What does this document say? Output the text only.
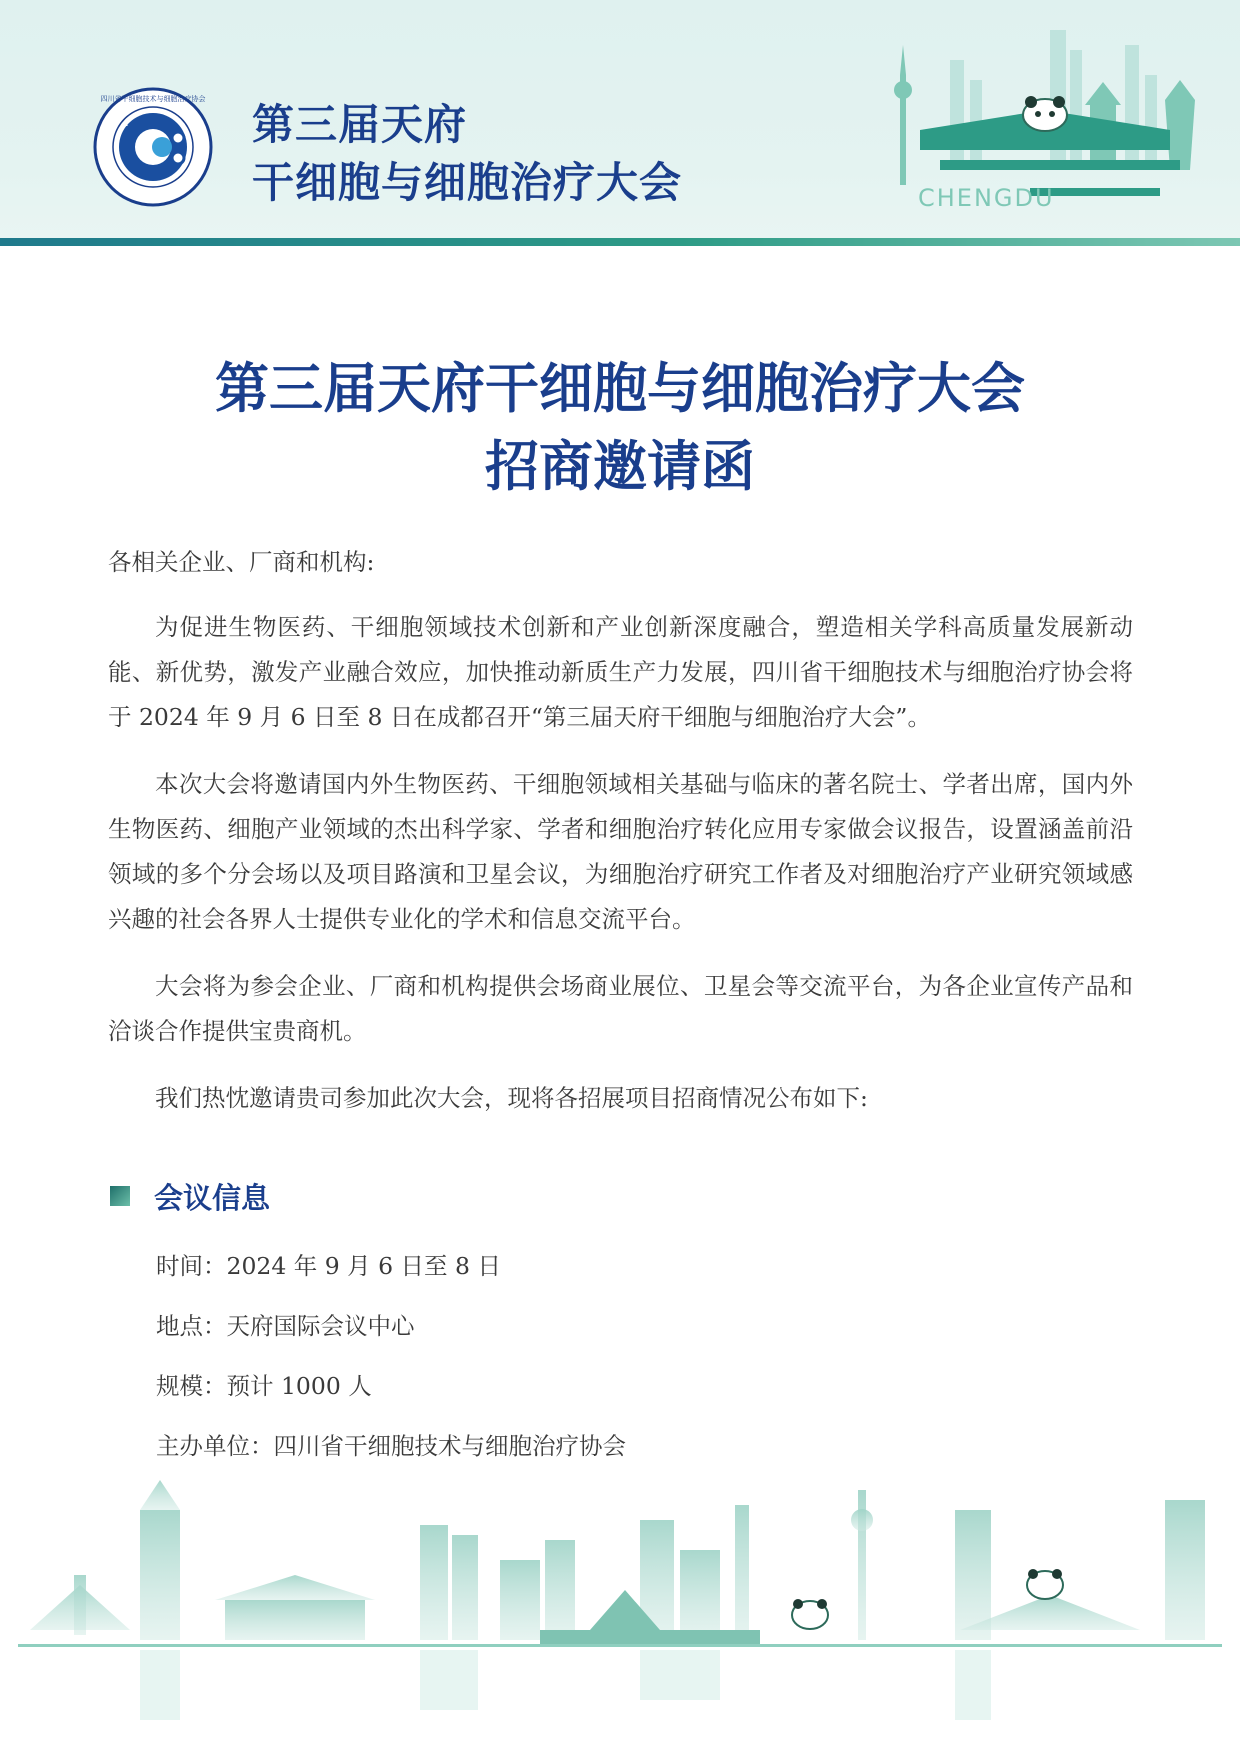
四川省干细胞技术与细胞治疗协会
第三届天府
干细胞与细胞治疗大会	CHENGDU
第三届天府干细胞与细胞治疗大会
招商邀请函

各相关企业、厂商和机构:

为促进生物医药、干细胞领域技术创新和产业创新深度融合，塑造相关学科高质量发展新动能、新优势，激发产业融合效应，加快推动新质生产力发展，四川省干细胞技术与细胞治疗协会将于 2024 年 9 月 6 日至 8 日在成都召开“第三届天府干细胞与细胞治疗大会”。

本次大会将邀请国内外生物医药、干细胞领域相关基础与临床的著名院士、学者出席，国内外生物医药、细胞产业领域的杰出科学家、学者和细胞治疗转化应用专家做会议报告，设置涵盖前沿领域的多个分会场以及项目路演和卫星会议，为细胞治疗研究工作者及对细胞治疗产业研究领域感兴趣的社会各界人士提供专业化的学术和信息交流平台。

大会将为参会企业、厂商和机构提供会场商业展位、卫星会等交流平台，为各企业宣传产品和洽谈合作提供宝贵商机。

我们热忱邀请贵司参加此次大会，现将各招展项目招商情况公布如下:

会议信息
时间：2024 年 9 月 6 日至 8 日
地点：天府国际会议中心
规模：预计 1000 人
主办单位：四川省干细胞技术与细胞治疗协会
